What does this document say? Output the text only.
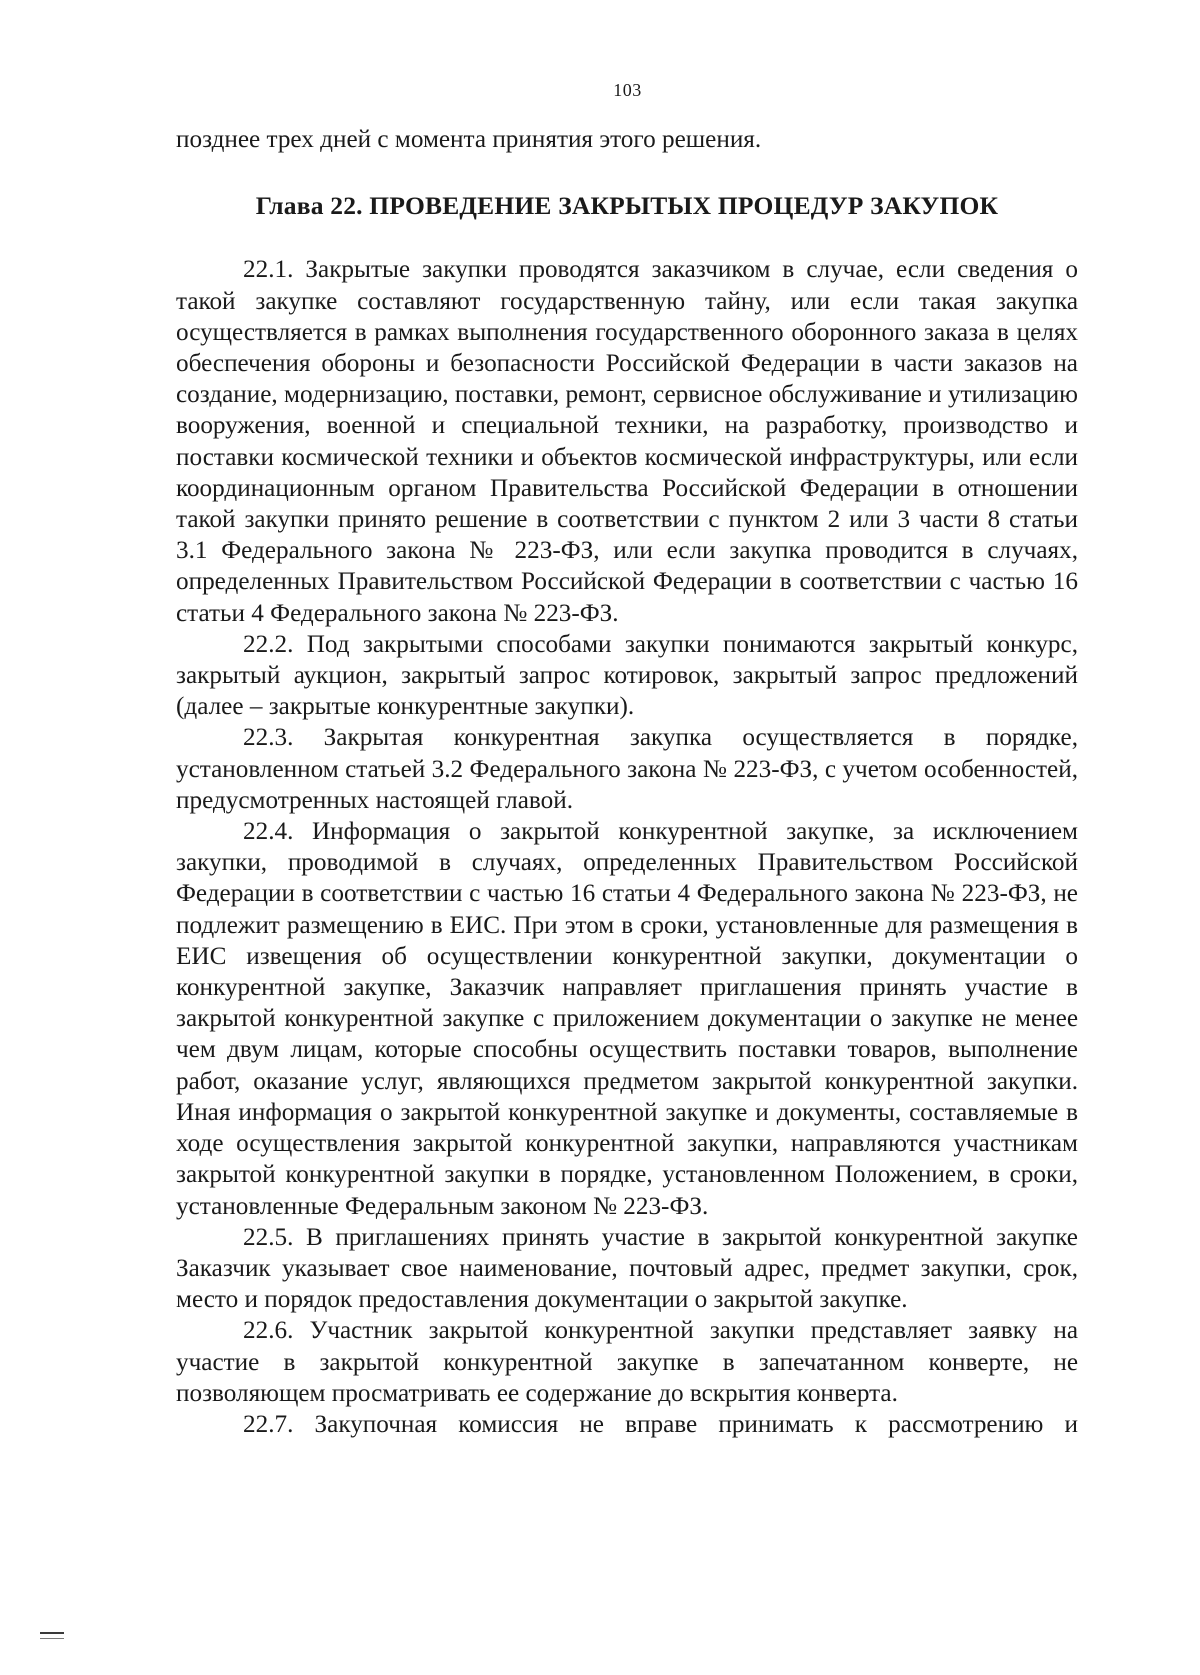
103

позднее трех дней с момента принятия этого решения.

Глава 22. ПРОВЕДЕНИЕ ЗАКРЫТЫХ ПРОЦЕДУР ЗАКУПОК

22.1. Закрытые закупки проводятся заказчиком в случае, если сведения о такой закупке составляют государственную тайну, или если такая закупка осуществляется в рамках выполнения государственного оборонного заказа в целях обеспечения обороны и безопасности Российской Федерации в части заказов на создание, модернизацию, поставки, ремонт, сервисное обслуживание и утилизацию вооружения, военной и специальной техники, на разработку, производство и поставки космической техники и объектов космической инфраструктуры, или если координационным органом Правительства Российской Федерации в отношении такой закупки принято решение в соответствии с пунктом 2 или 3 части 8 статьи 3.1 Федерального закона № 223-ФЗ, или если закупка проводится в случаях, определенных Правительством Российской Федерации в соответствии с частью 16 статьи 4 Федерального закона № 223-ФЗ.

22.2. Под закрытыми способами закупки понимаются закрытый конкурс, закрытый аукцион, закрытый запрос котировок, закрытый запрос предложений (далее – закрытые конкурентные закупки).

22.3. Закрытая конкурентная закупка осуществляется в порядке, установленном статьей 3.2 Федерального закона № 223-ФЗ, с учетом особенностей, предусмотренных настоящей главой.

22.4. Информация о закрытой конкурентной закупке, за исключением закупки, проводимой в случаях, определенных Правительством Российской Федерации в соответствии с частью 16 статьи 4 Федерального закона № 223-ФЗ, не подлежит размещению в ЕИС. При этом в сроки, установленные для размещения в ЕИС извещения об осуществлении конкурентной закупки, документации о конкурентной закупке, Заказчик направляет приглашения принять участие в закрытой конкурентной закупке с приложением документации о закупке не менее чем двум лицам, которые способны осуществить поставки товаров, выполнение работ, оказание услуг, являющихся предметом закрытой конкурентной закупки. Иная информация о закрытой конкурентной закупке и документы, составляемые в ходе осуществления закрытой конкурентной закупки, направляются участникам закрытой конкурентной закупки в порядке, установленном Положением, в сроки, установленные Федеральным законом № 223-ФЗ.

22.5. В приглашениях принять участие в закрытой конкурентной закупке Заказчик указывает свое наименование, почтовый адрес, предмет закупки, срок, место и порядок предоставления документации о закрытой закупке.

22.6. Участник закрытой конкурентной закупки представляет заявку на участие в закрытой конкурентной закупке в запечатанном конверте, не позволяющем просматривать ее содержание до вскрытия конверта.

22.7. Закупочная комиссия не вправе принимать к рассмотрению и
